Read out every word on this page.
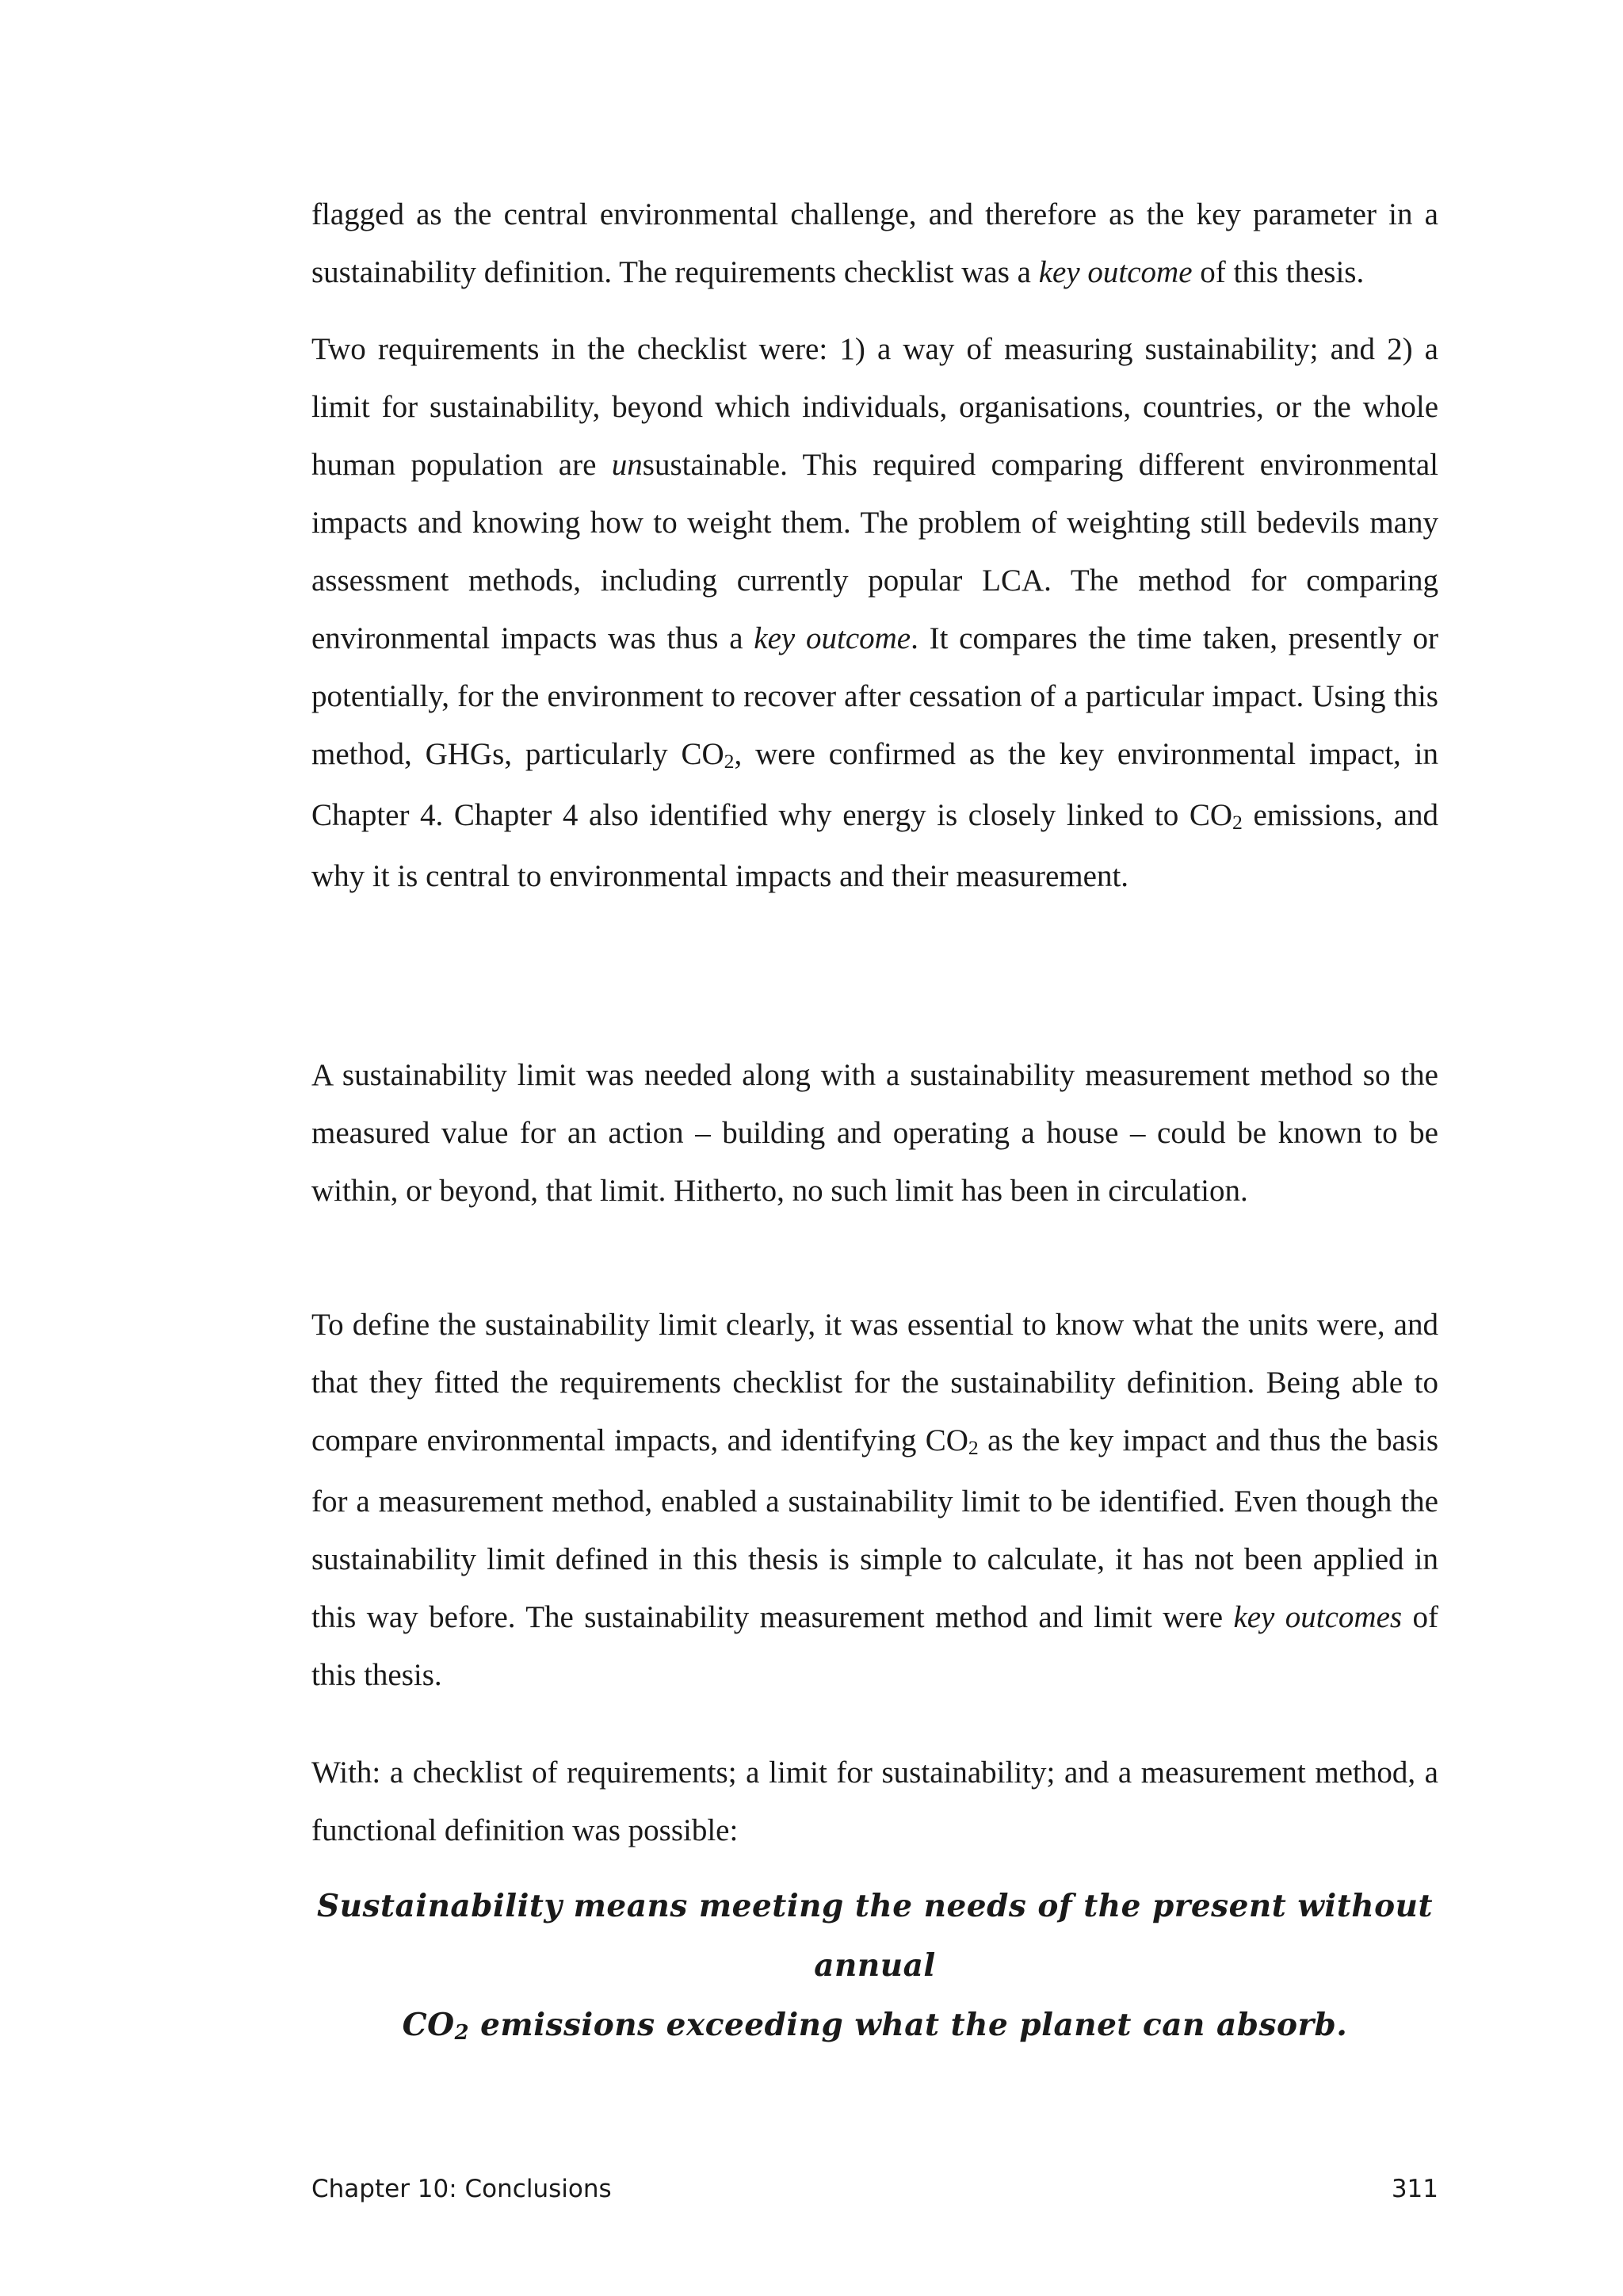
flagged as the central environmental challenge, and therefore as the key parameter in a sustainability definition. The requirements checklist was a key outcome of this thesis.

Two requirements in the checklist were: 1) a way of measuring sustainability; and 2) a limit for sustainability, beyond which individuals, organisations, countries, or the whole human population are unsustainable. This required comparing different environmental impacts and knowing how to weight them. The problem of weighting still bedevils many assessment methods, including currently popular LCA. The method for comparing environmental impacts was thus a key outcome. It compares the time taken, presently or potentially, for the environment to recover after cessation of a particular impact. Using this method, GHGs, particularly $CO_2$, were confirmed as the key environmental impact, in Chapter 4. Chapter 4 also identified why energy is closely linked to $CO_2$ emissions, and why it is central to environmental impacts and their measurement.

A sustainability limit was needed along with a sustainability measurement method so the measured value for an action – building and operating a house – could be known to be within, or beyond, that limit. Hitherto, no such limit has been in circulation.

To define the sustainability limit clearly, it was essential to know what the units were, and that they fitted the requirements checklist for the sustainability definition. Being able to compare environmental impacts, and identifying $CO_2$ as the key impact and thus the basis for a measurement method, enabled a sustainability limit to be identified. Even though the sustainability limit defined in this thesis is simple to calculate, it has not been applied in this way before. The sustainability measurement method and limit were key outcomes of this thesis.

With: a checklist of requirements; a limit for sustainability; and a measurement method, a functional definition was possible:

Sustainability means meeting the needs of the present without annual
$CO_2$ emissions exceeding what the planet can absorb.

Chapter 10: Conclusions	311
